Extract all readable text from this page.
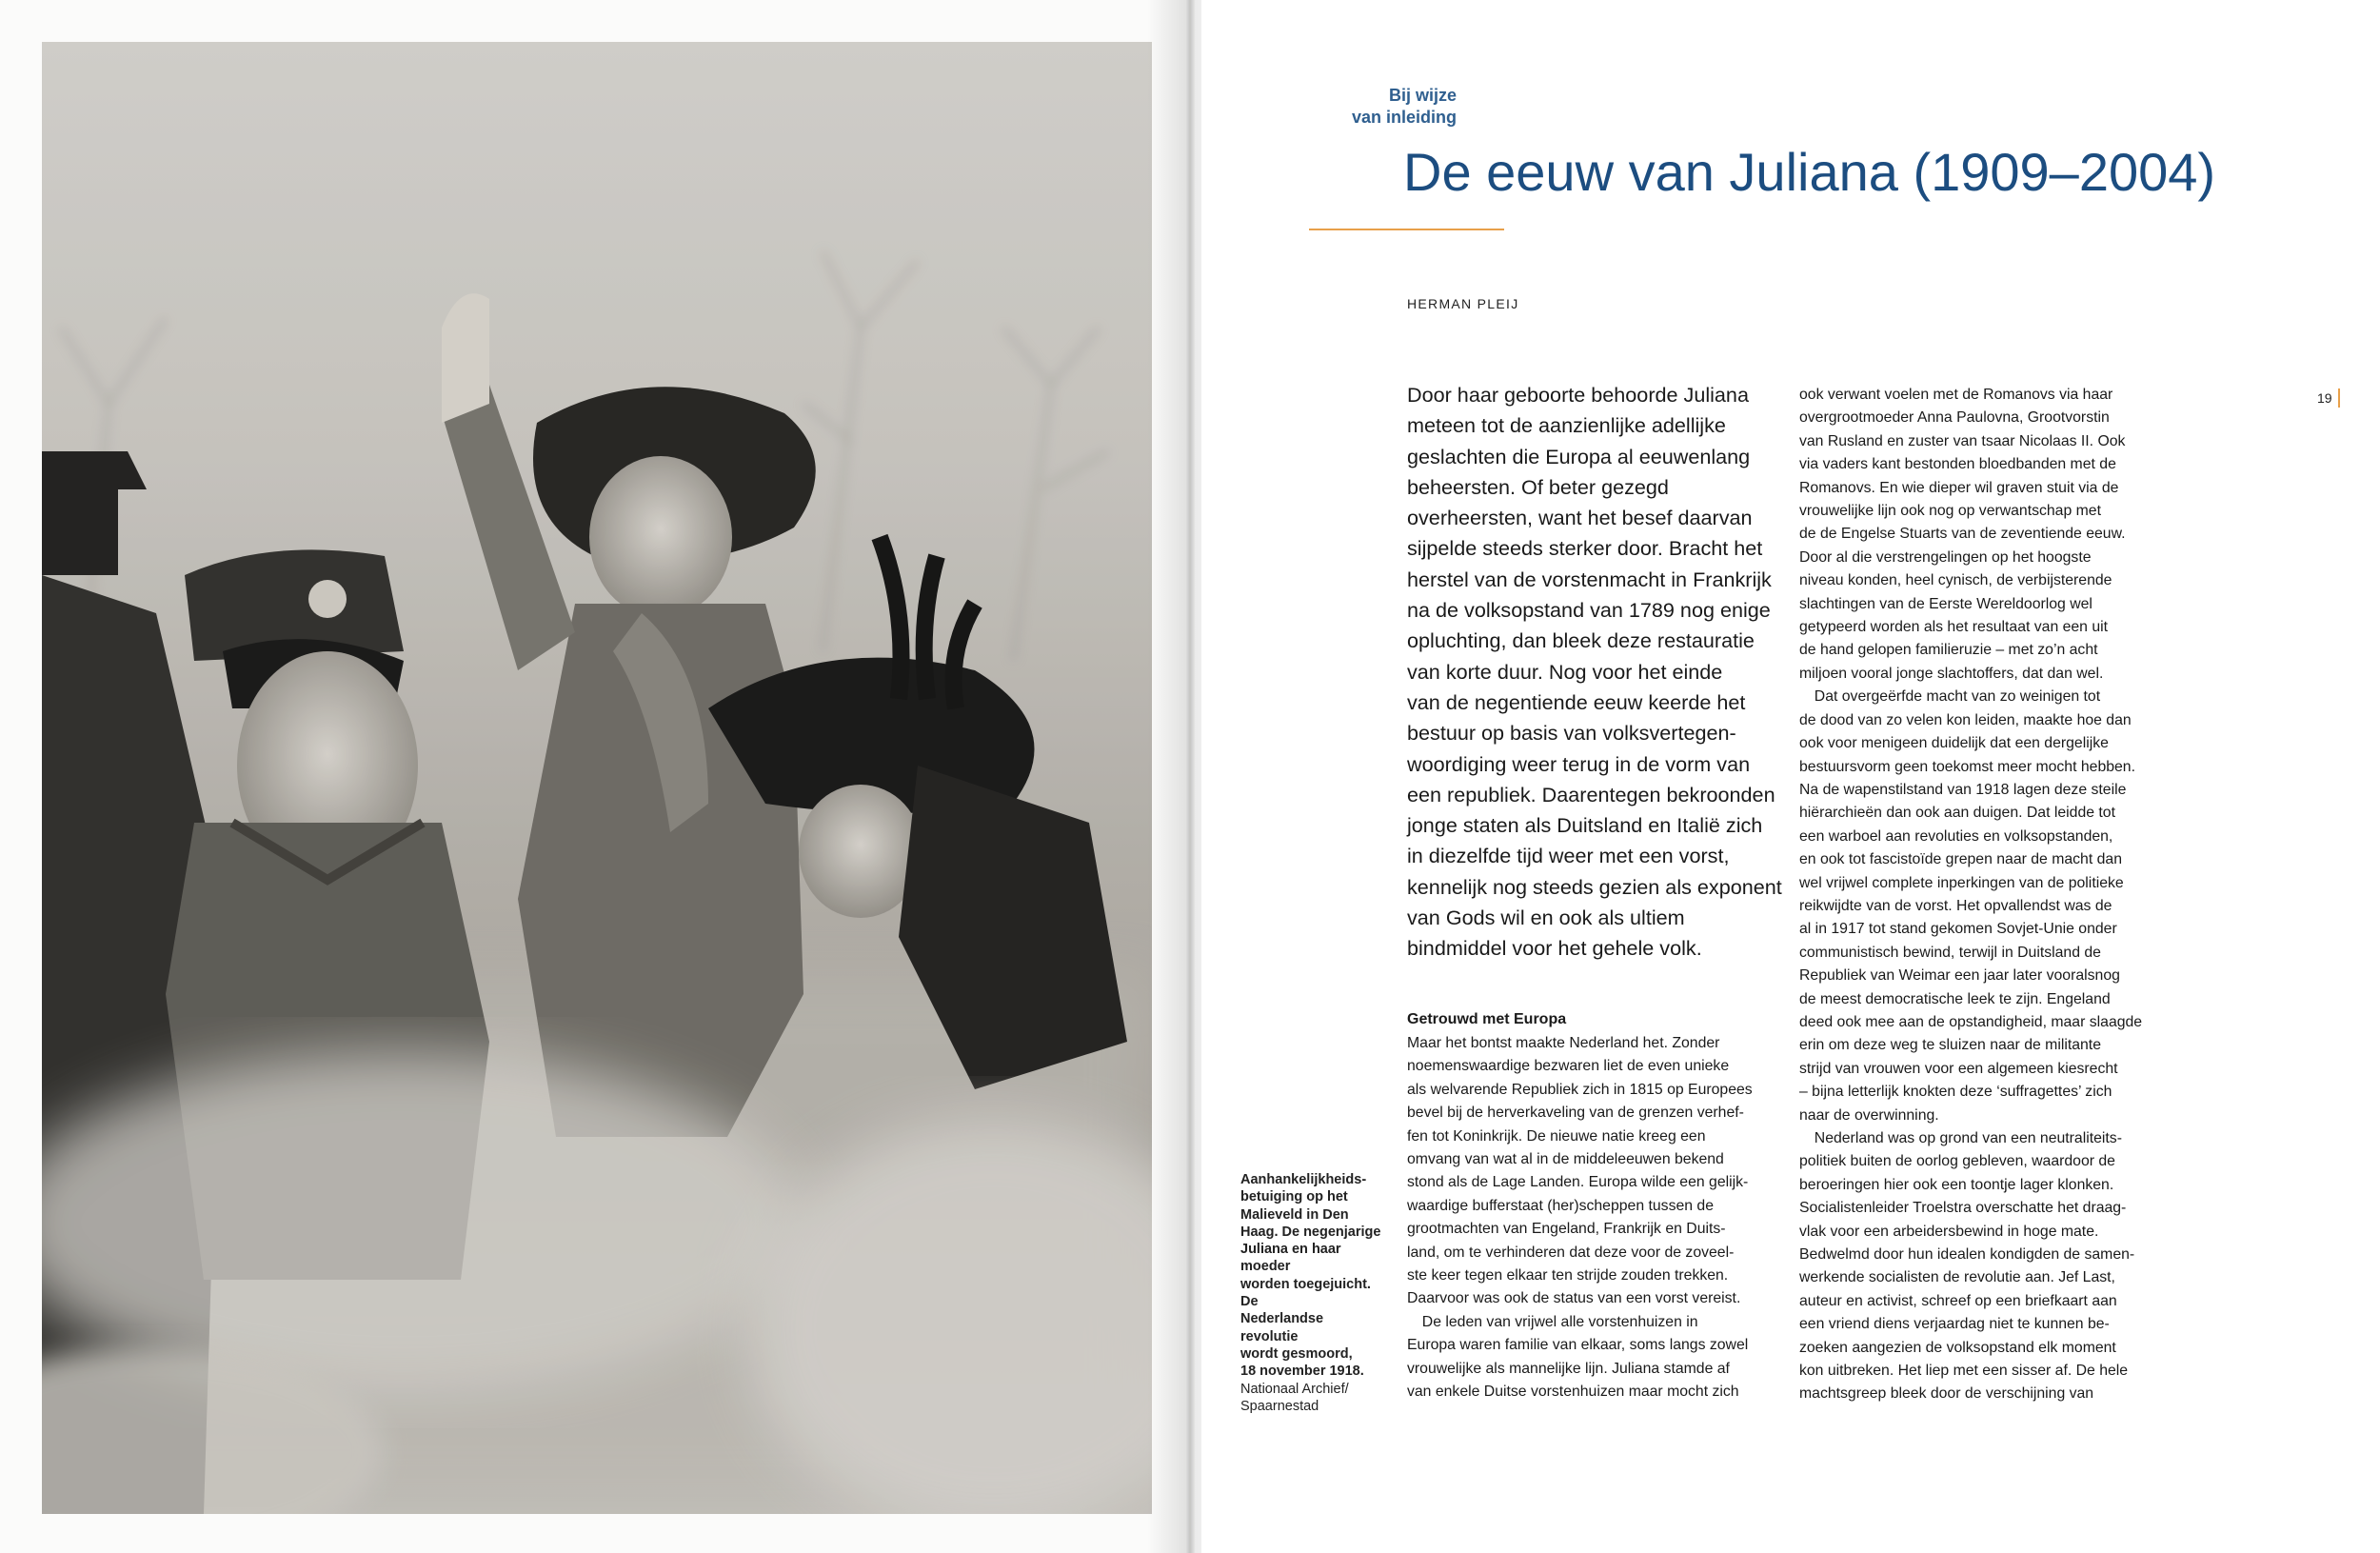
Aanhankelijkheids-
betuiging op het
Malieveld in Den
Haag. De negenjarige
Juliana en haar moeder
worden toegejuicht. De
Nederlandse revolutie
wordt gesmoord,
18 november 1918.
Nationaal Archief/
Spaarnestad
Bij wijze
van inleiding
De eeuw van Juliana (1909–2004)
HERMAN PLEIJ
19
Door haar geboorte behoorde Juliana
meteen tot de aanzienlijke adellijke
geslachten die Europa al eeuwenlang
beheersten. Of beter gezegd
overheersten, want het besef daarvan
sijpelde steeds sterker door. Bracht het
herstel van de vorstenmacht in Frankrijk
na de volksopstand van 1789 nog enige
opluchting, dan bleek deze restauratie
van korte duur. Nog voor het einde
van de negentiende eeuw keerde het
bestuur op basis van volksvertegen-
woordiging weer terug in de vorm van
een republiek. Daarentegen bekroonden
jonge staten als Duitsland en Italië zich
in diezelfde tijd weer met een vorst,
kennelijk nog steeds gezien als exponent
van Gods wil en ook als ultiem
bindmiddel voor het gehele volk.
Getrouwd met Europa
Maar het bontst maakte Nederland het. Zonder
noemenswaardige bezwaren liet de even unieke
als welvarende Republiek zich in 1815 op Europees
bevel bij de herverkaveling van de grenzen verhef-
fen tot Koninkrijk. De nieuwe natie kreeg een
omvang van wat al in de middeleeuwen bekend
stond als de Lage Landen. Europa wilde een gelijk-
waardige bufferstaat (her)scheppen tussen de
grootmachten van Engeland, Frankrijk en Duits-
land, om te verhinderen dat deze voor de zoveel-
ste keer tegen elkaar ten strijde zouden trekken.
Daarvoor was ook de status van een vorst vereist.
 De leden van vrijwel alle vorstenhuizen in
Europa waren familie van elkaar, soms langs zowel
vrouwelijke als mannelijke lijn. Juliana stamde af
van enkele Duitse vorstenhuizen maar mocht zich
ook verwant voelen met de Romanovs via haar
overgrootmoeder Anna Paulovna, Grootvorstin
van Rusland en zuster van tsaar Nicolaas II. Ook
via vaders kant bestonden bloedbanden met de
Romanovs. En wie dieper wil graven stuit via de
vrouwelijke lijn ook nog op verwantschap met
de de Engelse Stuarts van de zeventiende eeuw.
Door al die verstrengelingen op het hoogste
niveau konden, heel cynisch, de verbijsterende
slachtingen van de Eerste Wereldoorlog wel
getypeerd worden als het resultaat van een uit
de hand gelopen familieruzie – met zo’n acht
miljoen vooral jonge slachtoffers, dat dan wel.
 Dat overgeërfde macht van zo weinigen tot
de dood van zo velen kon leiden, maakte hoe dan
ook voor menigeen duidelijk dat een dergelijke
bestuursvorm geen toekomst meer mocht hebben.
Na de wapenstilstand van 1918 lagen deze steile
hiërarchieën dan ook aan duigen. Dat leidde tot
een warboel aan revoluties en volksopstanden,
en ook tot fascistoïde grepen naar de macht dan
wel vrijwel complete inperkingen van de politieke
reikwijdte van de vorst. Het opvallendst was de
al in 1917 tot stand gekomen Sovjet-Unie onder
communistisch bewind, terwijl in Duitsland de
Republiek van Weimar een jaar later vooralsnog
de meest democratische leek te zijn. Engeland
deed ook mee aan de opstandigheid, maar slaagde
erin om deze weg te sluizen naar de militante
strijd van vrouwen voor een algemeen kiesrecht
– bijna letterlijk knokten deze ‘suffragettes’ zich
naar de overwinning.
 Nederland was op grond van een neutraliteits-
politiek buiten de oorlog gebleven, waardoor de
beroeringen hier ook een toontje lager klonken.
Socialistenleider Troelstra overschatte het draag-
vlak voor een arbeidersbewind in hoge mate.
Bedwelmd door hun idealen kondigden de samen-
werkende socialisten de revolutie aan. Jef Last,
auteur en activist, schreef op een briefkaart aan
een vriend diens verjaardag niet te kunnen be-
zoeken aangezien de volksopstand elk moment
kon uitbreken. Het liep met een sisser af. De hele
machtsgreep bleek door de verschijning van
